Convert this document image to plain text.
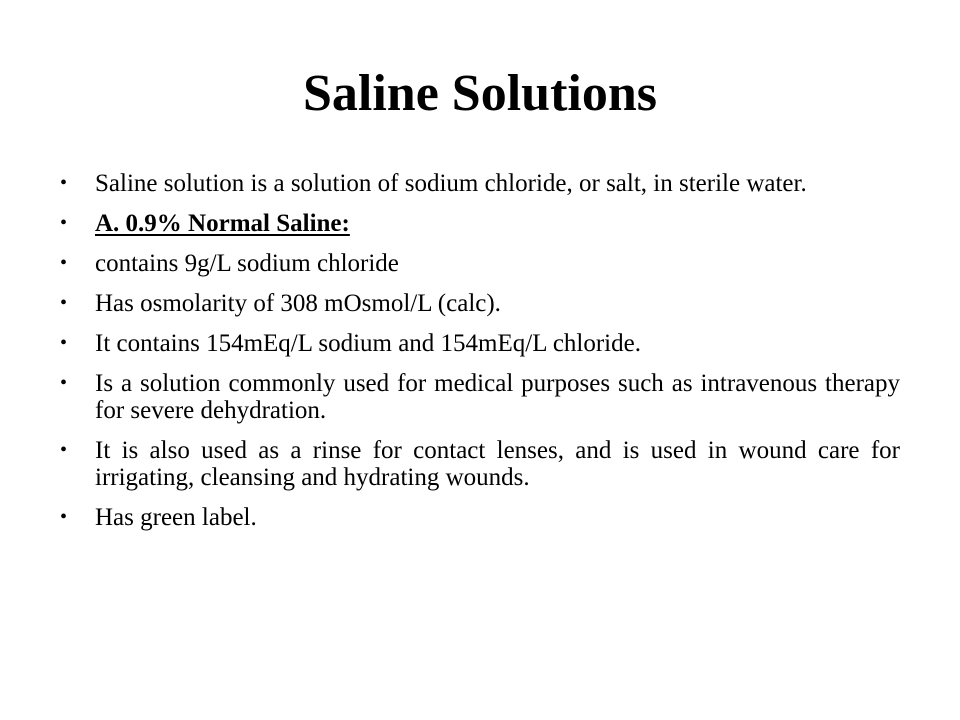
Saline Solutions
• Saline solution is a solution of sodium chloride, or salt, in sterile water.
• A. 0.9% Normal Saline:
• contains 9g/L sodium chloride
• Has osmolarity of 308 mOsmol/L (calc).
• It contains 154mEq/L sodium and 154mEq/L chloride.
• Is a solution commonly used for medical purposes such as intravenous therapy for severe dehydration.
• It is also used as a rinse for contact lenses, and is used in wound care for irrigating, cleansing and hydrating wounds.
• Has green label.
